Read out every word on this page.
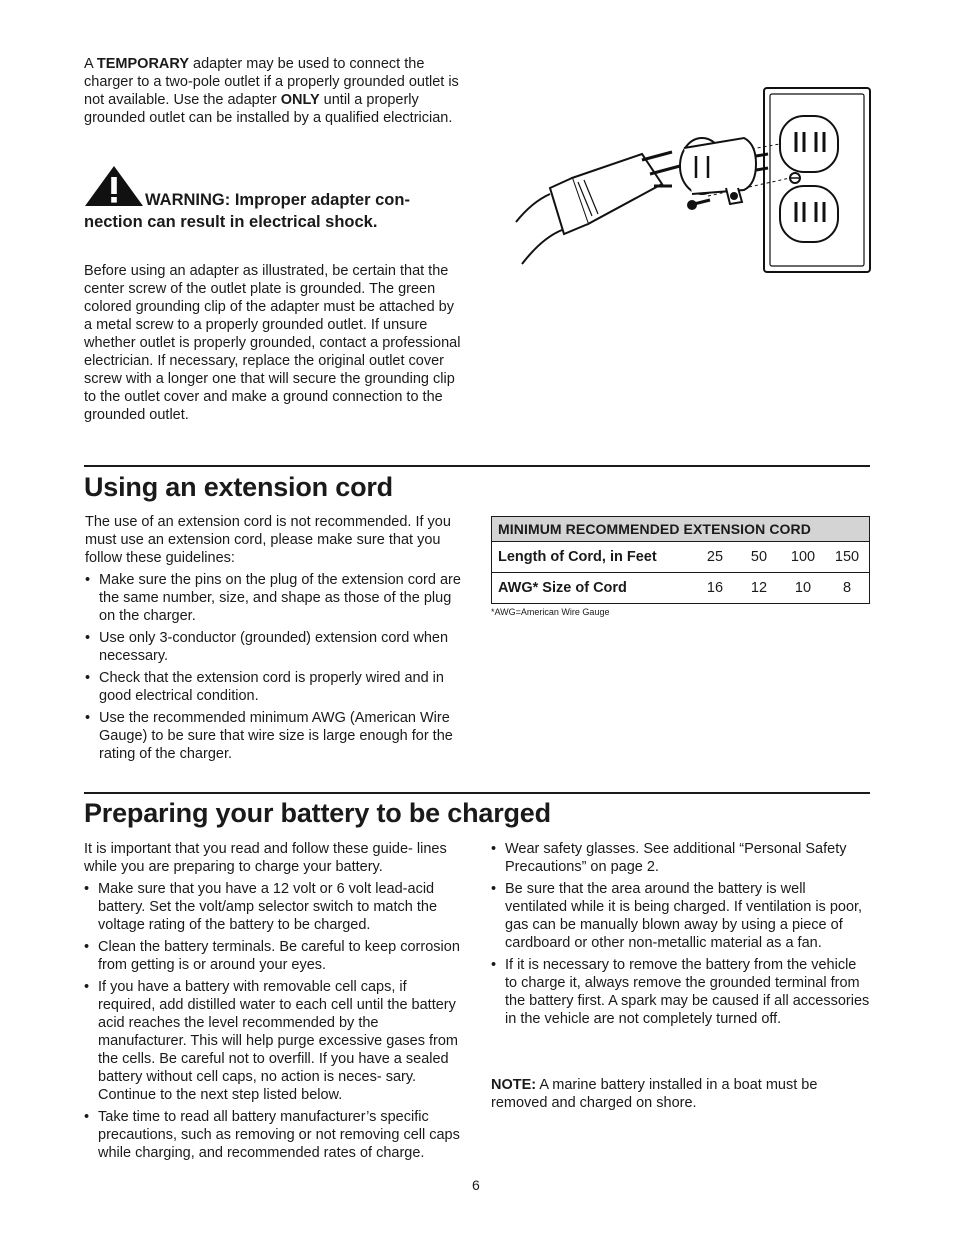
A TEMPORARY adapter may be used to connect the charger to a two-pole outlet if a properly grounded outlet is not available. Use the adapter ONLY until a properly grounded outlet can be installed by a qualified electrician.

WARNING: Improper adapter con- nection can result in electrical shock.

Before using an adapter as illustrated, be certain that the center screw of the outlet plate is grounded. The green colored grounding clip of the adapter must be attached by a metal screw to a properly grounded outlet. If unsure whether outlet is properly grounded, contact a professional electrician. If necessary, replace the original outlet cover screw with a longer one that will secure the grounding clip to the outlet cover and make a ground connection to the grounded outlet.

Using an extension cord

The use of an extension cord is not recommended. If you must use an extension cord, please make sure that you follow these guidelines:

• Make sure the pins on the plug of the extension cord are the same number, size, and shape as those of the plug on the charger.
• Use only 3-conductor (grounded) extension cord when necessary.
• Check that the extension cord is properly wired and in good electrical condition.
• Use the recommended minimum AWG (American Wire Gauge) to be sure that wire size is large enough for the rating of the charger.
MINIMUM RECOMMENDED EXTENSION CORD				
Length of Cord, in Feet	25	50	100	150
AWG* Size of Cord	16	12	10	8
*AWG=American Wire Gauge
Preparing your battery to be charged

It is important that you read and follow these guide- lines while you are preparing to charge your battery.

• Make sure that you have a 12 volt or 6 volt lead-acid battery. Set the volt/amp selector switch to match the voltage rating of the battery to be charged.
• Clean the battery terminals. Be careful to keep corrosion from getting is or around your eyes.
• If you have a battery with removable cell caps, if required, add distilled water to each cell until the battery acid reaches the level recommended by the manufacturer. This will help purge excessive gases from the cells. Be careful not to overfill. If you have a sealed battery without cell caps, no action is neces- sary. Continue to the next step listed below.
• Take time to read all battery manufacturer’s specific precautions, such as removing or not removing cell caps while charging, and recommended rates of charge.
• Wear safety glasses. See additional “Personal Safety Precautions” on page 2.
• Be sure that the area around the battery is well ventilated while it is being charged. If ventilation is poor, gas can be manually blown away by using a piece of cardboard or other non-metallic material as a fan.
• If it is necessary to remove the battery from the vehicle to charge it, always remove the grounded terminal from the battery first. A spark may be caused if all accessories in the vehicle are not completely turned off.

NOTE: A marine battery installed in a boat must be removed and charged on shore.

6
